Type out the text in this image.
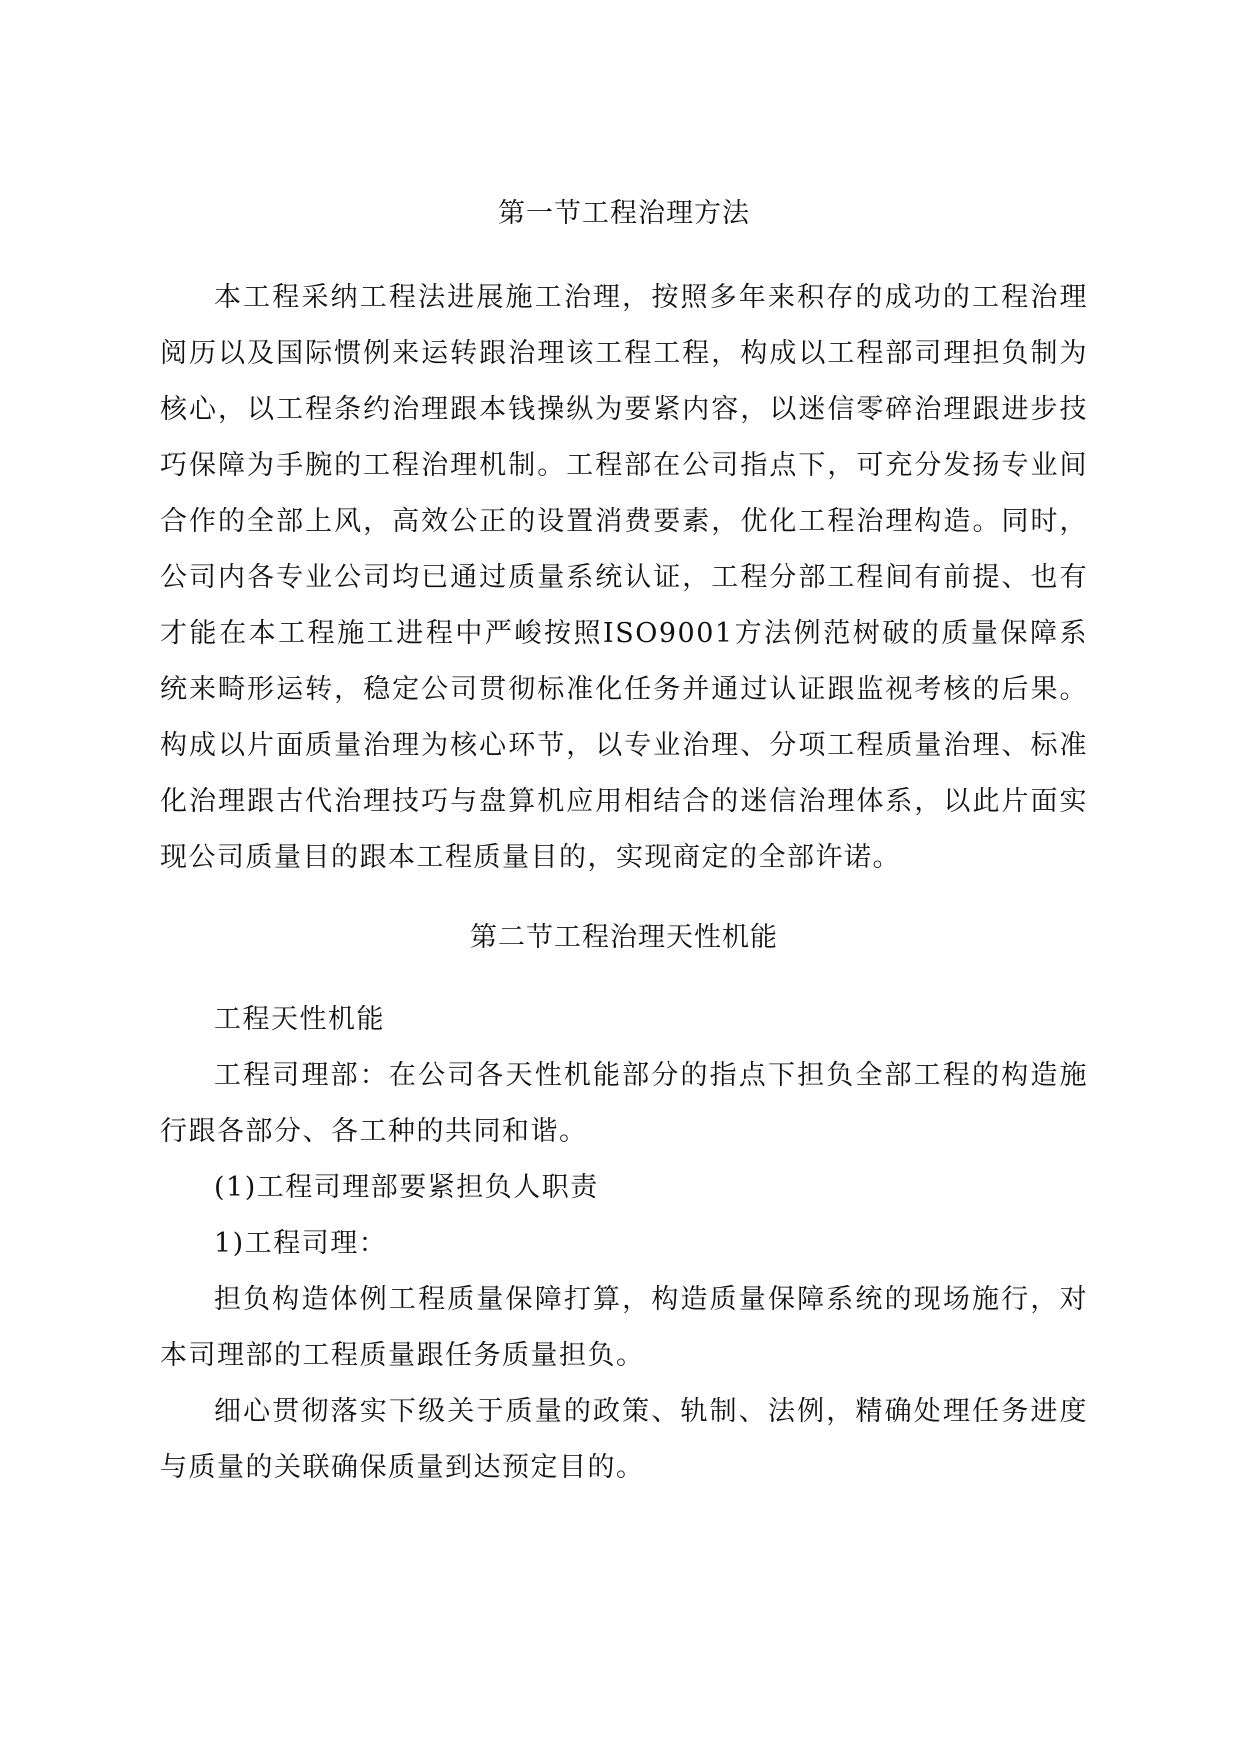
第一节工程治理方法

本工程采纳工程法进展施工治理，按照多年来积存的成功的工程治理阅历以及国际惯例来运转跟治理该工程工程，构成以工程部司理担负制为核心，以工程条约治理跟本钱操纵为要紧内容，以迷信零碎治理跟进步技巧保障为手腕的工程治理机制。工程部在公司指点下，可充分发扬专业间合作的全部上风，高效公正的设置消费要素，优化工程治理构造。同时，公司内各专业公司均已通过质量系统认证，工程分部工程间有前提、也有才能在本工程施工进程中严峻按照ISO9001方法例范树破的质量保障系统来畸形运转，稳定公司贯彻标准化任务并通过认证跟监视考核的后果。构成以片面质量治理为核心环节，以专业治理、分项工程质量治理、标准化治理跟古代治理技巧与盘算机应用相结合的迷信治理体系，以此片面实现公司质量目的跟本工程质量目的，实现商定的全部许诺。

第二节工程治理天性机能

工程天性机能

工程司理部：在公司各天性机能部分的指点下担负全部工程的构造施行跟各部分、各工种的共同和谐。

(1)工程司理部要紧担负人职责

1)工程司理：

担负构造体例工程质量保障打算，构造质量保障系统的现场施行，对本司理部的工程质量跟任务质量担负。

细心贯彻落实下级关于质量的政策、轨制、法例，精确处理任务进度与质量的关联确保质量到达预定目的。
